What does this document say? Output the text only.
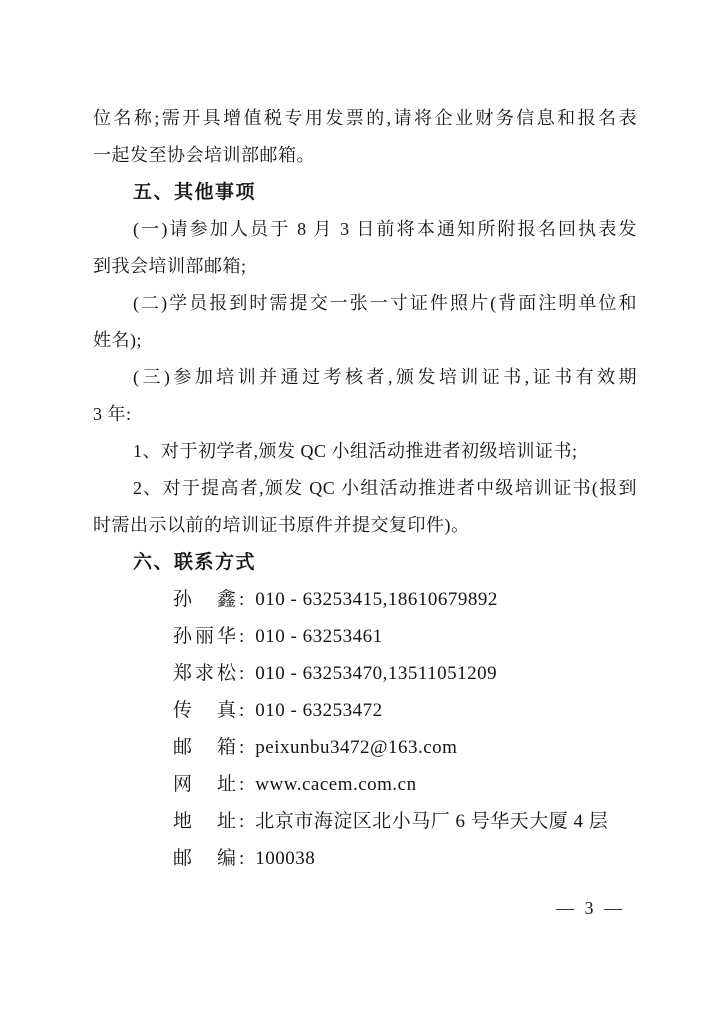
位名称;需开具增值税专用发票的,请将企业财务信息和报名表
一起发至协会培训部邮箱。
五、其他事项
(一)请参加人员于 8 月 3 日前将本通知所附报名回执表发
到我会培训部邮箱;
(二)学员报到时需提交一张一寸证件照片(背面注明单位和
姓名);
(三)参加培训并通过考核者,颁发培训证书,证书有效期
3 年:
1、对于初学者,颁发 QC 小组活动推进者初级培训证书;
2、对于提高者,颁发 QC 小组活动推进者中级培训证书(报到
时需出示以前的培训证书原件并提交复印件)。
六、联系方式
孙　鑫: 010 - 63253415,18610679892
孙丽华: 010 - 63253461
郑求松: 010 - 63253470,13511051209
传　真: 010 - 63253472
邮　箱: peixunbu3472@163.com
网　址: www.cacem.com.cn
地　址: 北京市海淀区北小马厂 6 号华天大厦 4 层
邮　编: 100038
— 3 —
